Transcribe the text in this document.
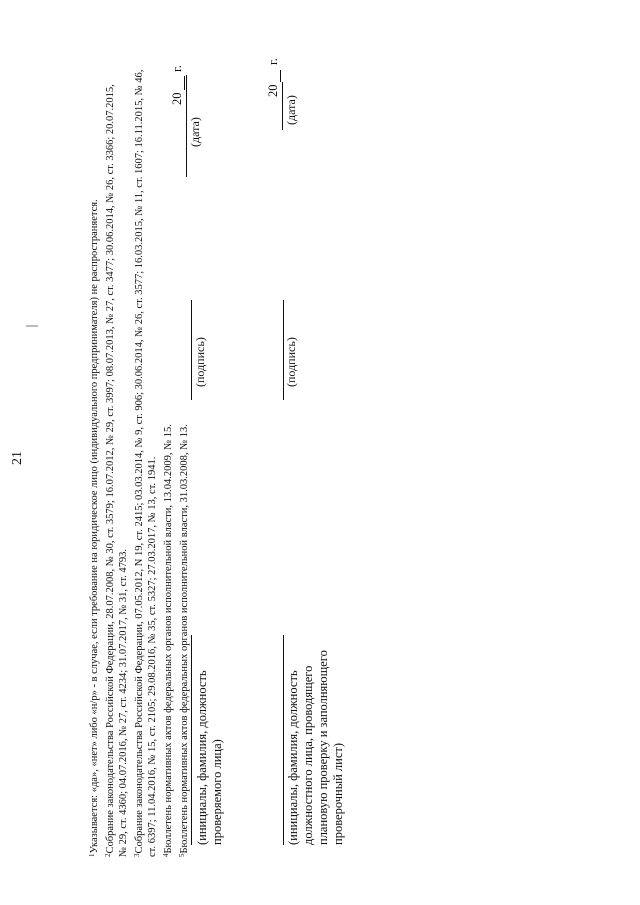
21

$^1$Указывается: «да», «нет» либо «н/р» - в случае, если требование на юридическое лицо (индивидуального предпринимателя) не распространяется.

$^2$Собрание законодательства Российской Федерации, 28.07.2008, № 30, ст. 3579; 16.07.2012, № 29, ст. 3997; 08.07.2013, № 27, ст. 3477; 30.06.2014, № 26, ст. 3366; 20.07.2015, № 29, ст. 4360; 04.07.2016, № 27, ст. 4234; 31.07.2017, № 31, ст. 4793. $^3$Собрание законодательства Российской Федерации, 07.05.2012, N 19, ст. 2415; 03.03.2014, № 9, ст. 906; 30.06.2014, № 26, ст. 3577; 16.03.2015, № 11, ст. 1607; 16.11.2015, № 46, ст. 6397; 11.04.2016, № 15, ст. 2105; 29.08.2016, № 35, ст. 5327; 27.03.2017, № 13, ст. 1941. $^4$Бюллетень нормативных актов федеральных органов исполнительной власти, 13.04.2009, № 15.

$^5$Бюллетень нормативных актов федеральных органов исполнительной власти, 31.03.2008, № 13. (инициалы, фамилия, должность проверяемого лица)
(подпись)
(дата)
20
г.
(инициалы, фамилия, должность должностного лица, проводящего плановую проверку и заполняющего проверочный лист)
(подпись)
(дата)
20
г.
